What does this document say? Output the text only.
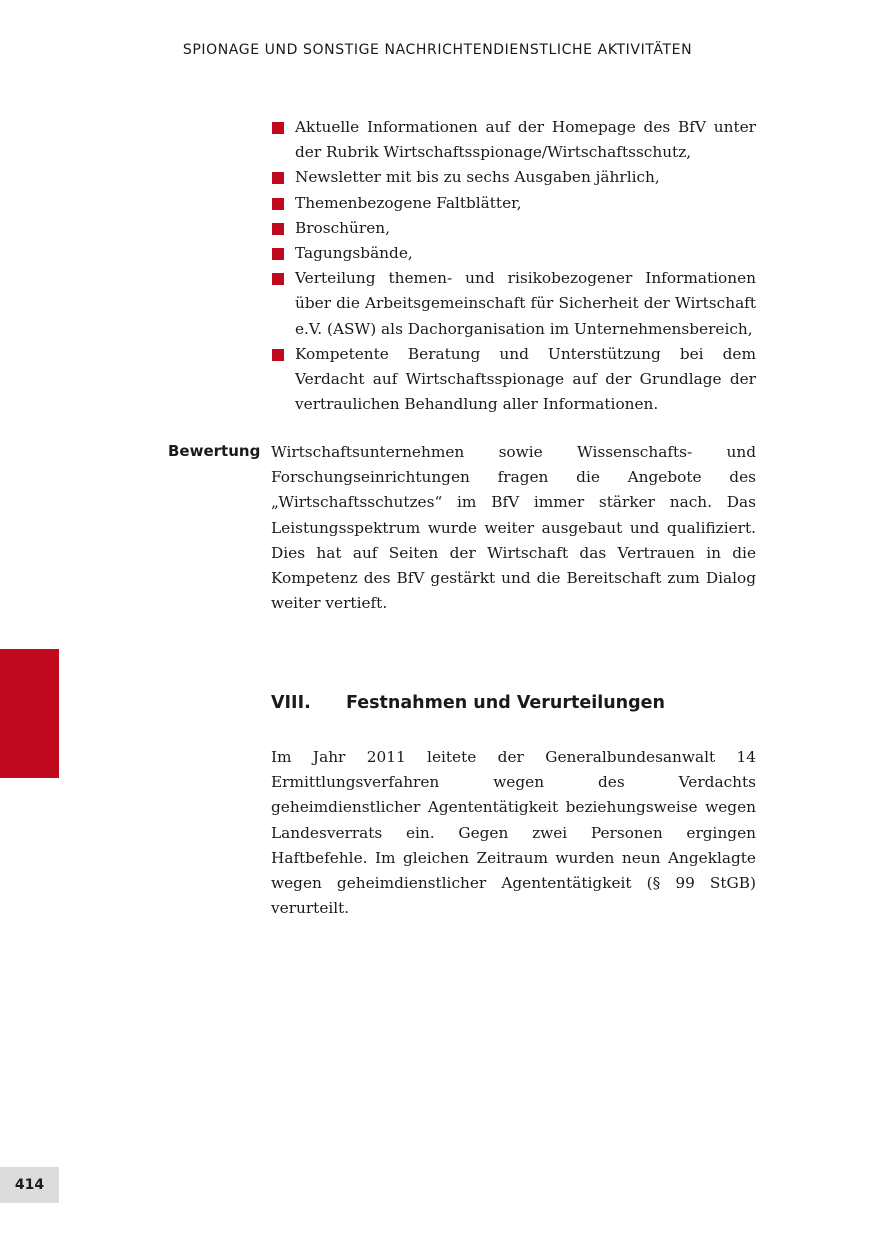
SPIONAGE UND SONSTIGE NACHRICHTENDIENSTLICHE AKTIVITÄTEN
Aktuelle Informationen auf der Homepage des BfV unter der Rubrik Wirtschaftsspionage/Wirtschaftsschutz,
Newsletter mit bis zu sechs Ausgaben jährlich,
Themenbezogene Faltblätter,
Broschüren,
Tagungsbände,
Verteilung themen- und risikobezogener Informationen über die Arbeitsgemeinschaft für Sicherheit der Wirtschaft e.V. (ASW) als Dachorganisation im Unternehmensbereich,
Kompetente Beratung und Unterstützung bei dem Verdacht auf Wirtschaftsspionage auf der Grundlage der vertraulichen Behandlung aller Informationen.
Bewertung Wirtschaftsunternehmen sowie Wissenschafts- und Forschungseinrichtungen fragen die Angebote des „Wirtschaftsschutzes“ im BfV immer stärker nach. Das Leistungsspektrum wurde weiter ausgebaut und qualifiziert. Dies hat auf Seiten der Wirtschaft das Vertrauen in die Kompetenz des BfV gestärkt und die Bereitschaft zum Dialog weiter vertieft.

VIII. Festnahmen und Verurteilungen

Im Jahr 2011 leitete der Generalbundesanwalt 14 Ermittlungsverfahren wegen des Verdachts geheimdienstlicher Agententätigkeit beziehungsweise wegen Landesverrats ein. Gegen zwei Personen ergingen Haftbefehle. Im gleichen Zeitraum wurden neun Angeklagte wegen geheimdienstlicher Agententätigkeit (§ 99 StGB) verurteilt.

414
